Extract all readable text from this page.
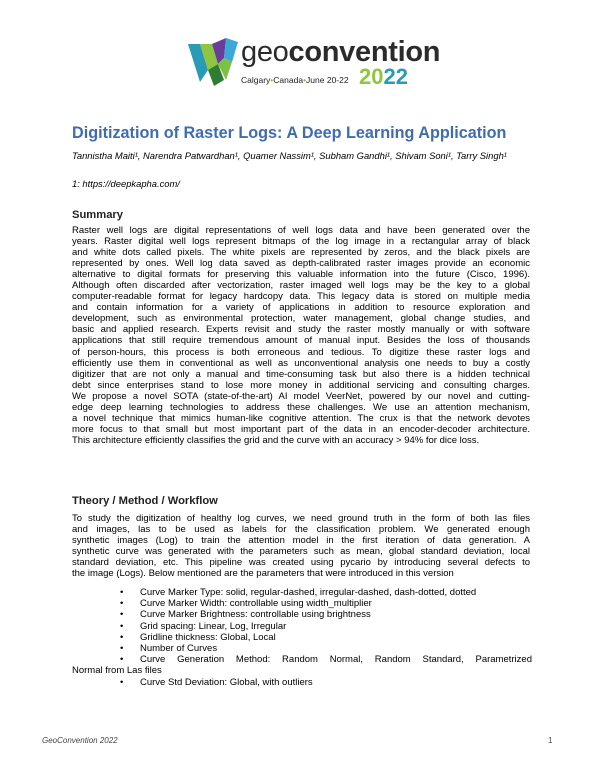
geoconvention
Calgary•Canada•June 20-22 2022
Digitization of Raster Logs: A Deep Learning Application
Tannistha Maiti¹, Narendra Patwardhan¹, Quamer Nassim¹, Subham Gandhi¹, Shivam Soni¹, Tarry Singh¹
1: https://deepkapha.com/
Summary

Raster well logs are digital representations of well logs data and have been generated over the
years. Raster digital well logs represent bitmaps of the log image in a rectangular array of black
and white dots called pixels. The white pixels are represented by zeros, and the black pixels are
represented by ones. Well log data saved as depth-calibrated raster images provide an economic
alternative to digital formats for preserving this valuable information into the future (Cisco, 1996).
Although often discarded after vectorization, raster imaged well logs may be the key to a global
computer-readable format for legacy hardcopy data. This legacy data is stored on multiple media
and contain information for a variety of applications in addition to resource exploration and
development, such as environmental protection, water management, global change studies, and
basic and applied research. Experts revisit and study the raster mostly manually or with software
applications that still require tremendous amount of manual input. Besides the loss of thousands
of person-hours, this process is both erroneous and tedious. To digitize these raster logs and
efficiently use them in conventional as well as unconventional analysis one needs to buy a costly
digitizer that are not only a manual and time-consuming task but also there is a hidden technical
debt since enterprises stand to lose more money in additional servicing and consulting charges.
We propose a novel SOTA (state-of-the-art) AI model VeerNet, powered by our novel and cutting-
edge deep learning technologies to address these challenges. We use an attention mechanism,
a novel technique that mimics human-like cognitive attention. The crux is that the network devotes
more focus to that small but most important part of the data in an encoder-decoder architecture.
This architecture efficiently classifies the grid and the curve with an accuracy > 94% for dice loss.

Theory / Method / Workflow

To study the digitization of healthy log curves, we need ground truth in the form of both las files
and images, las to be used as labels for the classification problem. We generated enough
synthetic images (Log) to train the attention model in the first iteration of data generation. A
synthetic curve was generated with the parameters such as mean, global standard deviation, local
standard deviation, etc. This pipeline was created using pycario by introducing several defects to
the image (Logs). Below mentioned are the parameters that were introduced in this version

• Curve Marker Type: solid, regular-dashed, irregular-dashed, dash-dotted, dotted
• Curve Marker Width: controllable using width_multiplier
• Curve Marker Brightness: controllable using brightness
• Grid spacing: Linear, Log, Irregular
• Gridline thickness: Global, Local
• Number of Curves
•	Curve Generation Method: Random Normal, Random Standard, Parametrized
Normal from Las files
• Curve Std Deviation: Global, with outliers
GeoConvention 2022	1
